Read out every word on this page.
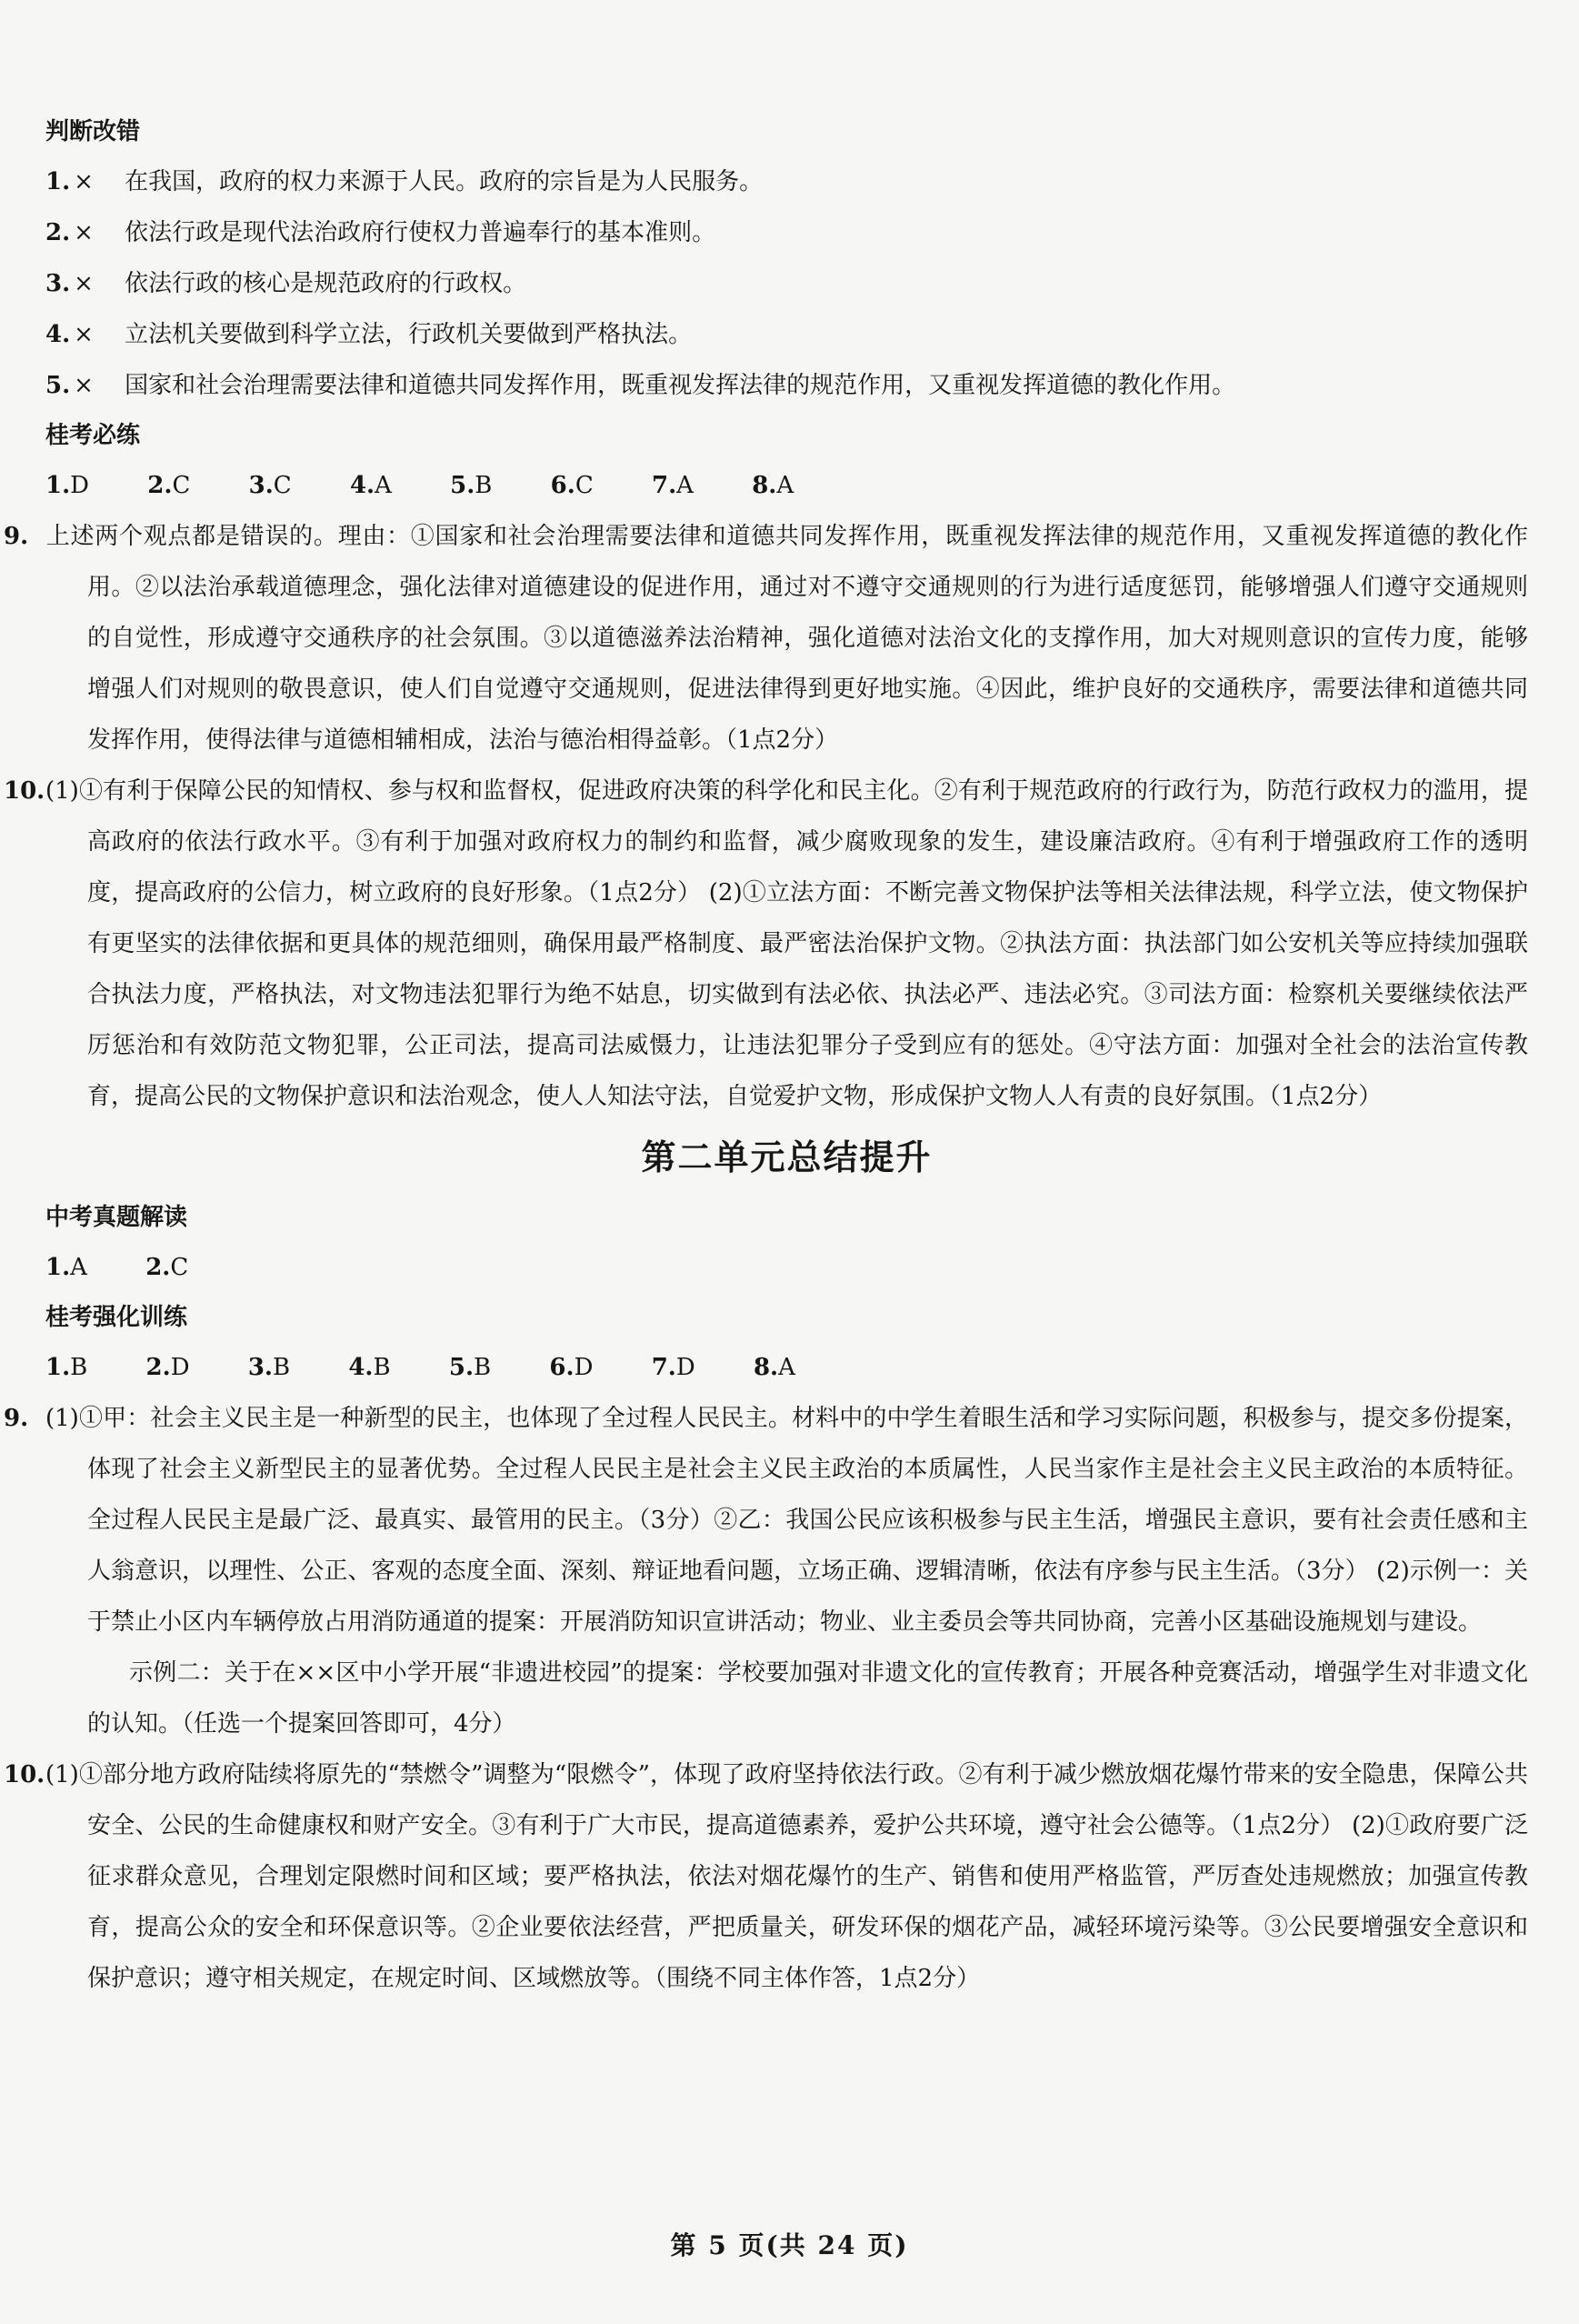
判断改错
1. × 在我国，政府的权力来源于人民。政府的宗旨是为人民服务。
2. × 依法行政是现代法治政府行使权力普遍奉行的基本准则。
3. × 依法行政的核心是规范政府的行政权。
4. × 立法机关要做到科学立法，行政机关要做到严格执法。
5. × 国家和社会治理需要法律和道德共同发挥作用，既重视发挥法律的规范作用，又重视发挥道德的教化作用。
桂考必练
1.D 2.C 3.C 4.A 5.B 6.C 7.A 8.A
9. 上述两个观点都是错误的。理由：①国家和社会治理需要法律和道德共同发挥作用，既重视发挥法律的规范作用，又重视发挥道德的教化作用。②以法治承载道德理念，强化法律对道德建设的促进作用，通过对不遵守交通规则的行为进行适度惩罚，能够增强人们遵守交通规则的自觉性，形成遵守交通秩序的社会氛围。③以道德滋养法治精神，强化道德对法治文化的支撑作用，加大对规则意识的宣传力度，能够增强人们对规则的敬畏意识，使人们自觉遵守交通规则，促进法律得到更好地实施。④因此，维护良好的交通秩序，需要法律和道德共同发挥作用，使得法律与道德相辅相成，法治与德治相得益彰。（1点2分）
10.(1)①有利于保障公民的知情权、参与权和监督权，促进政府决策的科学化和民主化。②有利于规范政府的行政行为，防范行政权力的滥用，提高政府的依法行政水平。③有利于加强对政府权力的制约和监督，减少腐败现象的发生，建设廉洁政府。④有利于增强政府工作的透明度，提高政府的公信力，树立政府的良好形象。（1点2分） (2)①立法方面：不断完善文物保护法等相关法律法规，科学立法，使文物保护有更坚实的法律依据和更具体的规范细则，确保用最严格制度、最严密法治保护文物。②执法方面：执法部门如公安机关等应持续加强联合执法力度，严格执法，对文物违法犯罪行为绝不姑息，切实做到有法必依、执法必严、违法必究。③司法方面：检察机关要继续依法严厉惩治和有效防范文物犯罪，公正司法，提高司法威慑力，让违法犯罪分子受到应有的惩处。④守法方面：加强对全社会的法治宣传教育，提高公民的文物保护意识和法治观念，使人人知法守法，自觉爱护文物，形成保护文物人人有责的良好氛围。（1点2分）
第二单元总结提升
中考真题解读
1.A 2.C
桂考强化训练
1.B 2.D 3.B 4.B 5.B 6.D 7.D 8.A
9. (1)①甲：社会主义民主是一种新型的民主，也体现了全过程人民民主。材料中的中学生着眼生活和学习实际问题，积极参与，提交多份提案，体现了社会主义新型民主的显著优势。全过程人民民主是社会主义民主政治的本质属性，人民当家作主是社会主义民主政治的本质特征。全过程人民民主是最广泛、最真实、最管用的民主。（3分）②乙：我国公民应该积极参与民主生活，增强民主意识，要有社会责任感和主人翁意识，以理性、公正、客观的态度全面、深刻、辩证地看问题，立场正确、逻辑清晰，依法有序参与民主生活。（3分） (2)示例一：关于禁止小区内车辆停放占用消防通道的提案：开展消防知识宣讲活动；物业、业主委员会等共同协商，完善小区基础设施规划与建设。
示例二：关于在××区中小学开展“非遗进校园”的提案：学校要加强对非遗文化的宣传教育；开展各种竞赛活动，增强学生对非遗文化的认知。（任选一个提案回答即可，4分）
10.(1)①部分地方政府陆续将原先的“禁燃令”调整为“限燃令”，体现了政府坚持依法行政。②有利于减少燃放烟花爆竹带来的安全隐患，保障公共安全、公民的生命健康权和财产安全。③有利于广大市民，提高道德素养，爱护公共环境，遵守社会公德等。（1点2分） (2)①政府要广泛征求群众意见，合理划定限燃时间和区域；要严格执法，依法对烟花爆竹的生产、销售和使用严格监管，严厉查处违规燃放；加强宣传教育，提高公众的安全和环保意识等。②企业要依法经营，严把质量关，研发环保的烟花产品，减轻环境污染等。③公民要增强安全意识和保护意识；遵守相关规定，在规定时间、区域燃放等。（围绕不同主体作答，1点2分）
第 5 页(共 24 页)
